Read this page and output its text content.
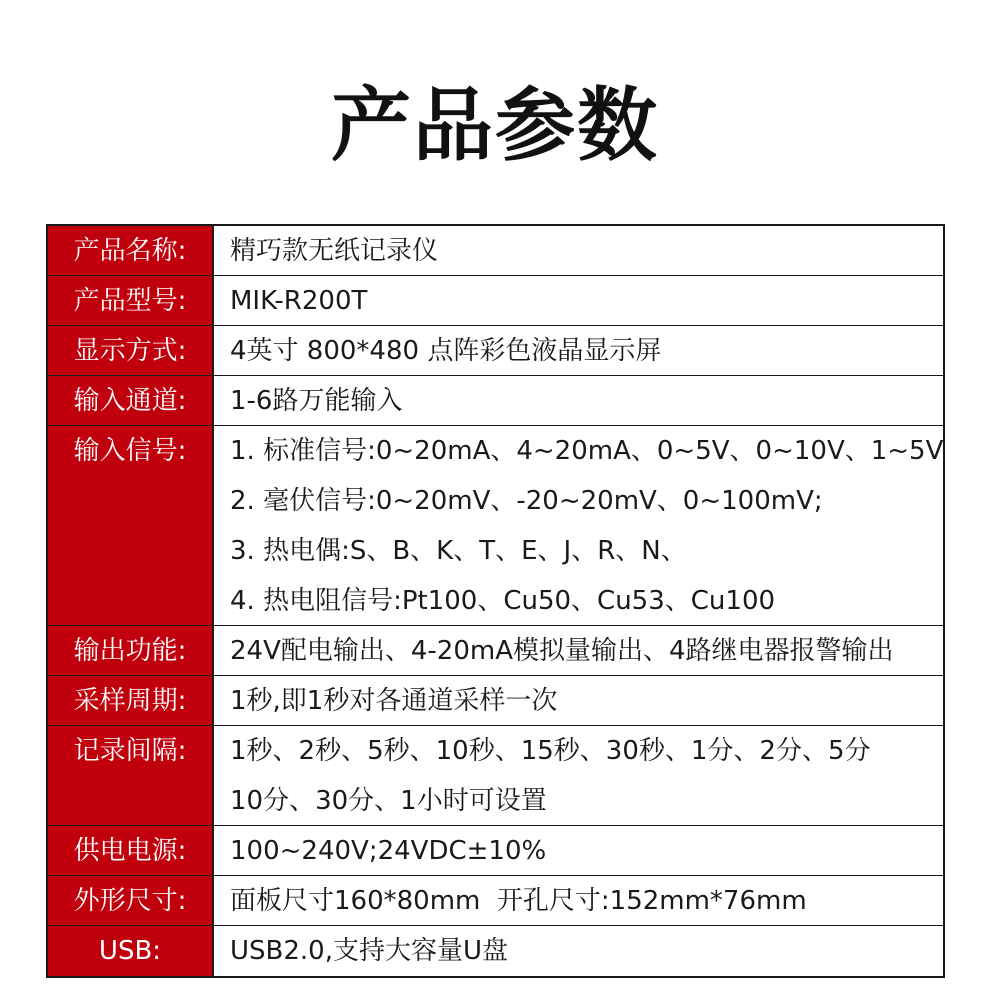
产品参数
产品名称:	精巧款无纸记录仪
产品型号:	MIK-R200T
显示方式:	4英寸 800*480 点阵彩色液晶显示屏
输入通道:	1-6路万能输入
输入信号:	1. 标准信号:0~20mA、4~20mA、0~5V、0~10V、1~5V
2. 毫伏信号:0~20mV、-20~20mV、0~100mV;
3. 热电偶:S、B、K、T、E、J、R、N、
4. 热电阻信号:Pt100、Cu50、Cu53、Cu100
输出功能:	24V配电输出、4-20mA模拟量输出、4路继电器报警输出
采样周期:	1秒,即1秒对各通道采样一次
记录间隔:	1秒、2秒、5秒、10秒、15秒、30秒、1分、2分、5分
10分、30分、1小时可设置
供电电源:	100~240V;24VDC±10%
外形尺寸:	面板尺寸160*80mm  开孔尺寸:152mm*76mm
USB:	USB2.0,支持大容量U盘
